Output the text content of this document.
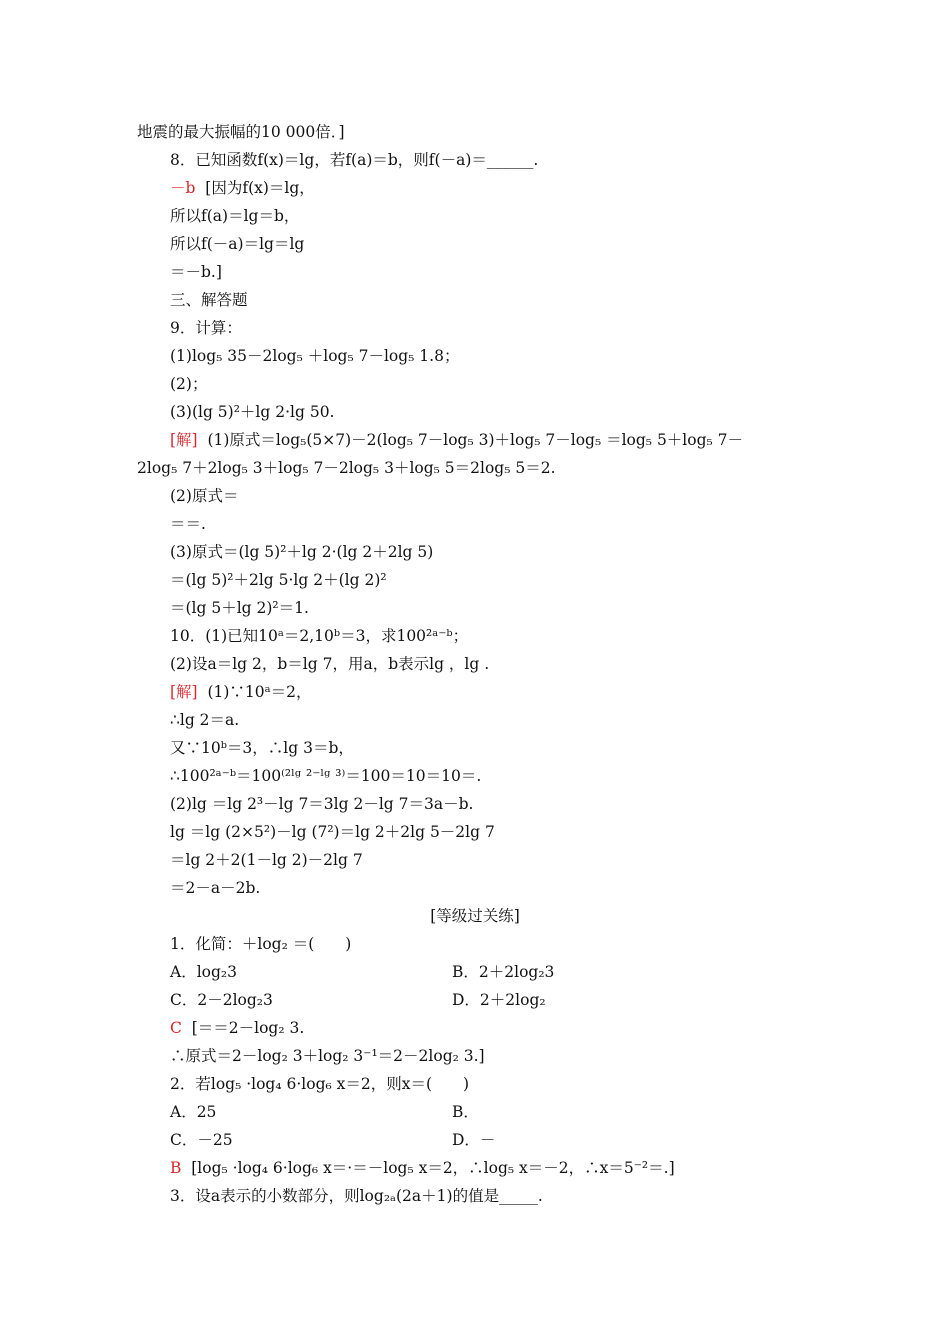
地震的最大振幅的10 000倍．]
8．已知函数f(x)＝lg，若f(a)＝b，则f(－a)＝______.
－b  [因为f(x)＝lg，
所以f(a)＝lg＝b，
所以f(－a)＝lg＝lg
＝－b.]
三、解答题
9．计算：
(1)log₅ 35－2log₅ ＋log₅ 7－log₅ 1.8；
(2)；
(3)(lg 5)²＋lg 2·lg 50.
[解]  (1)原式＝log₅(5×7)－2(log₅ 7－log₅ 3)＋log₅ 7－log₅ ＝log₅ 5＋log₅ 7－
2log₅ 7＋2log₅ 3＋log₅ 7－2log₅ 3＋log₅ 5＝2log₅ 5＝2.
(2)原式＝
＝＝.
(3)原式＝(lg 5)²＋lg 2·(lg 2＋2lg 5)
＝(lg 5)²＋2lg 5·lg 2＋(lg 2)²
＝(lg 5＋lg 2)²＝1.
10．(1)已知10ᵃ＝2,10ᵇ＝3，求100²ᵃ⁻ᵇ；
(2)设a＝lg 2，b＝lg 7，用a，b表示lg ，lg .
[解]  (1)∵10ᵃ＝2，
∴lg 2＝a.
又∵10ᵇ＝3，∴lg 3＝b，
∴100²ᵃ⁻ᵇ＝100⁽²ˡᵍ ²⁻ˡᵍ ³⁾＝100＝10＝10＝.
(2)lg ＝lg 2³－lg 7＝3lg 2－lg 7＝3a－b.
lg ＝lg (2×5²)－lg (7²)＝lg 2＋2lg 5－2lg 7
＝lg 2＋2(1－lg 2)－2lg 7
＝2－a－2b.
[等级过关练]
1．化简：＋log₂ ＝(　　)
A．log₂3	B．2＋2log₂3
C．2－2log₂3	D．2＋2log₂
C  [＝＝2－log₂ 3.
∴原式＝2－log₂ 3＋log₂ 3⁻¹＝2－2log₂ 3.]
2．若log₅ ·log₄ 6·log₆ x＝2，则x＝(　　)
A．25	B．
C．－25	D．－
B  [log₅ ·log₄ 6·log₆ x＝·＝－log₅ x＝2，∴log₅ x＝－2，∴x＝5⁻²＝.]
3．设a表示的小数部分，则log₂ₐ(2a＋1)的值是_____.
